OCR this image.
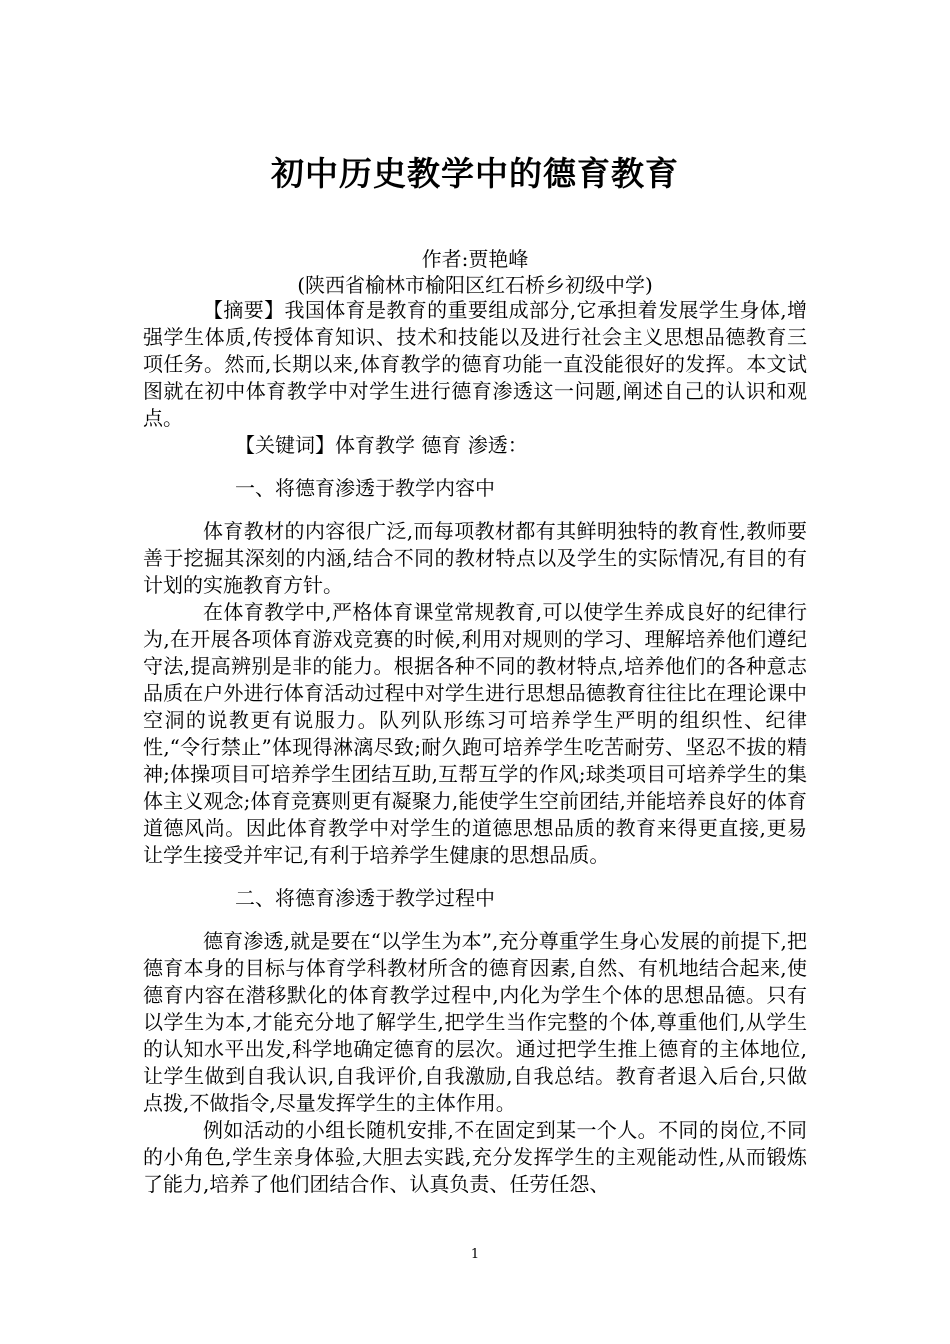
初中历史教学中的德育教育
作者:贾艳峰
(陕西省榆林市榆阳区红石桥乡初级中学)

【摘要】我国体育是教育的重要组成部分,它承担着发展学生身体,增强学生体质,传授体育知识、技术和技能以及进行社会主义思想品德教育三项任务。然而,长期以来,体育教学的德育功能一直没能很好的发挥。本文试图就在初中体育教学中对学生进行德育渗透这一问题,阐述自己的认识和观点。

【关键词】体育教学 德育 渗透：

一、将德育渗透于教学内容中

体育教材的内容很广泛,而每项教材都有其鲜明独特的教育性,教师要善于挖掘其深刻的内涵,结合不同的教材特点以及学生的实际情况,有目的有计划的实施教育方针。

在体育教学中,严格体育课堂常规教育,可以使学生养成良好的纪律行为,在开展各项体育游戏竞赛的时候,利用对规则的学习、理解培养他们遵纪守法,提高辨别是非的能力。根据各种不同的教材特点,培养他们的各种意志品质在户外进行体育活动过程中对学生进行思想品德教育往往比在理论课中空洞的说教更有说服力。队列队形练习可培养学生严明的组织性、纪律性,“令行禁止”体现得淋漓尽致;耐久跑可培养学生吃苦耐劳、坚忍不拔的精神;体操项目可培养学生团结互助,互帮互学的作风;球类项目可培养学生的集体主义观念;体育竞赛则更有凝聚力,能使学生空前团结,并能培养良好的体育道德风尚。因此体育教学中对学生的道德思想品质的教育来得更直接,更易让学生接受并牢记,有利于培养学生健康的思想品质。

二、将德育渗透于教学过程中

德育渗透,就是要在“以学生为本”,充分尊重学生身心发展的前提下,把德育本身的目标与体育学科教材所含的德育因素,自然、有机地结合起来,使德育内容在潜移默化的体育教学过程中,内化为学生个体的思想品德。只有以学生为本,才能充分地了解学生,把学生当作完整的个体,尊重他们,从学生的认知水平出发,科学地确定德育的层次。通过把学生推上德育的主体地位,让学生做到自我认识,自我评价,自我激励,自我总结。教育者退入后台,只做点拨,不做指令,尽量发挥学生的主体作用。

例如活动的小组长随机安排,不在固定到某一个人。不同的岗位,不同的小角色,学生亲身体验,大胆去实践,充分发挥学生的主观能动性,从而锻炼了能力,培养了他们团结合作、认真负责、任劳任怨、

1
